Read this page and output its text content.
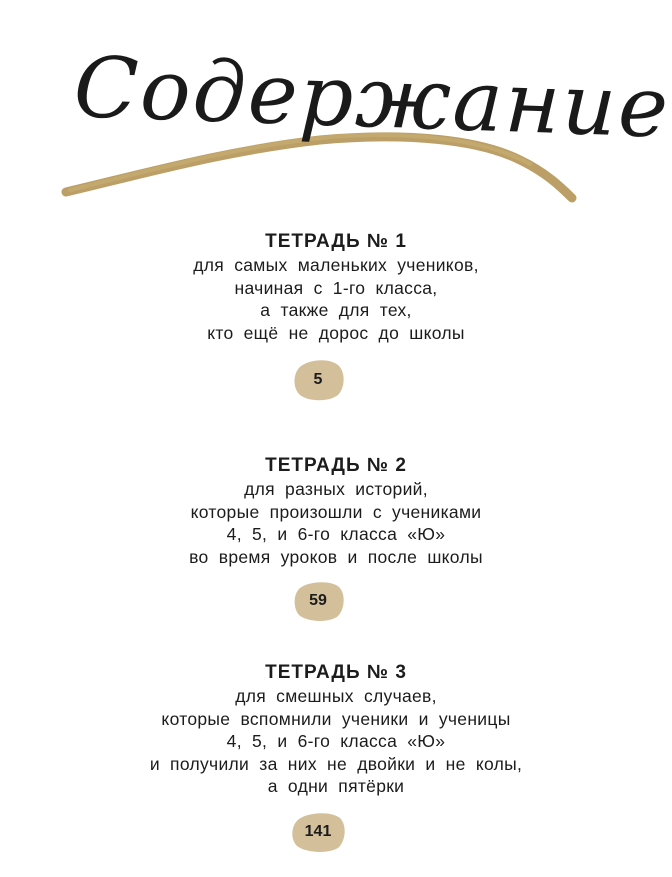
Содержание
ТЕТРАДЬ № 1
для самых маленьких учеников,
начиная с 1-го класса,
а также для тех,
кто ещё не дорос до школы
5
ТЕТРАДЬ № 2
для разных историй,
которые произошли с учениками
4, 5, и 6-го класса «Ю»
во время уроков и после школы
59
ТЕТРАДЬ № 3
для смешных случаев,
которые вспомнили ученики и ученицы
4, 5, и 6-го класса «Ю»
и получили за них не двойки и не колы,
а одни пятёрки
141
